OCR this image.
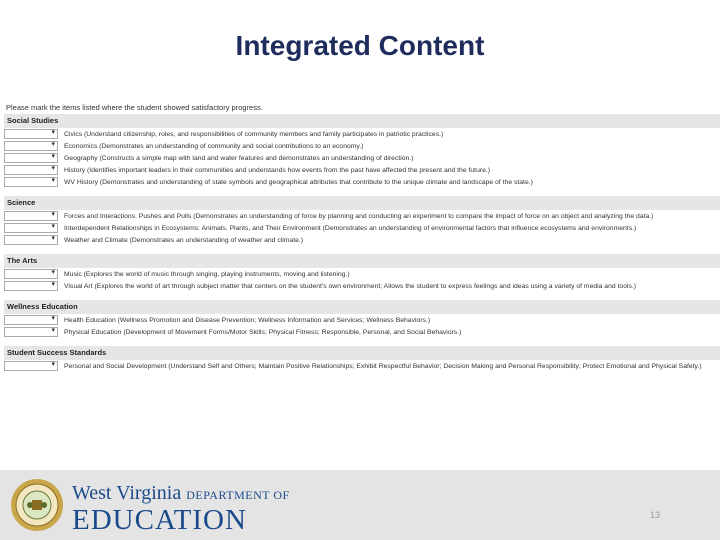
Integrated Content
Please mark the items listed where the student showed satisfactory progress.
Social Studies
▾ Civics (Understand citizenship, roles, and responsibilities of community members and family participates in patriotic practices.)
▾ Economics (Demonstrates an understanding of community and social contributions to an economy.)
▾ Geography (Constructs a simple map with land and water features and demonstrates an understanding of direction.)
▾ History (Identifies important leaders in their communities and understands how events from the past have affected the present and the future.)
▾ WV History (Demonstrates and understanding of state symbols and geographical attributes that contribute to the unique climate and landscape of the state.)
Science
▾ Forces and Interactions: Pushes and Pulls (Demonstrates an understanding of force by planning and conducting an experiment to compare the impact of force on an object and analyzing the data.)
▾ Interdependent Relationships in Ecosystems: Animals, Plants, and Their Environment (Demonstrates an understanding of environmental factors that influence ecosystems and environments.)
▾ Weather and Climate (Demonstrates an understanding of weather and climate.)
The Arts
▾ Music (Explores the world of music through singing, playing instruments, moving and listening.)
▾ Visual Art (Explores the world of art through subject matter that centers on the student's own environment; Allows the student to express feelings and ideas using a variety of media and tools.)
Wellness Education
▾ Health Education (Wellness Promotion and Disease Prevention; Wellness Information and Services; Wellness Behaviors.)
▾ Physical Education (Development of Movement Forms/Motor Skills; Physical Fitness; Responsible, Personal, and Social Behaviors.)
Student Success Standards
▾ Personal and Social Development (Understand Self and Others; Maintain Positive Relationships; Exhibit Respectful Behavior; Decision Making and Personal Responsibility; Protect Emotional and Physical Safety.)
West Virginia DEPARTMENT OF
EDUCATION	13
